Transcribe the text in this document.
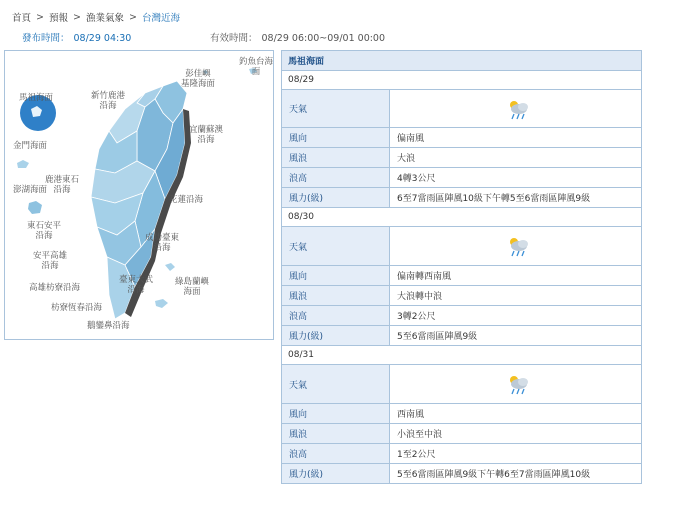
首頁 > 預報 > 漁業氣象 > 台灣近海
發布時間： 08/29 04:30	有效時間： 08/29 06:00~09/01 00:00
釣魚台海面
彭佳嶼
基隆海面
新竹鹿港
沿海
馬祖海面
宜蘭蘇澳
沿海
金門海面
鹿港東石
沿海
澎湖海面
花蓮沿海
東石安平
沿海	成功臺東
沿海
安平高雄
沿海
臺東大武
沿海
綠島蘭嶼
海面
高雄枋寮沿海
枋寮恆春沿海
鵝鑾鼻沿海
馬祖海面
08/29
天氣
風向	偏南風
風浪	大浪
浪高	4轉3公尺
風力(級)	6至7當雨區陣風10級下午轉5至6當雨區陣風9級
08/30
天氣
風向	偏南轉西南風
風浪	大浪轉中浪
浪高	3轉2公尺
風力(級)	5至6當雨區陣風9級
08/31
天氣
風向	西南風
風浪	小浪至中浪
浪高	1至2公尺
風力(級)	5至6當雨區陣風9級下午轉6至7當雨區陣風10級
